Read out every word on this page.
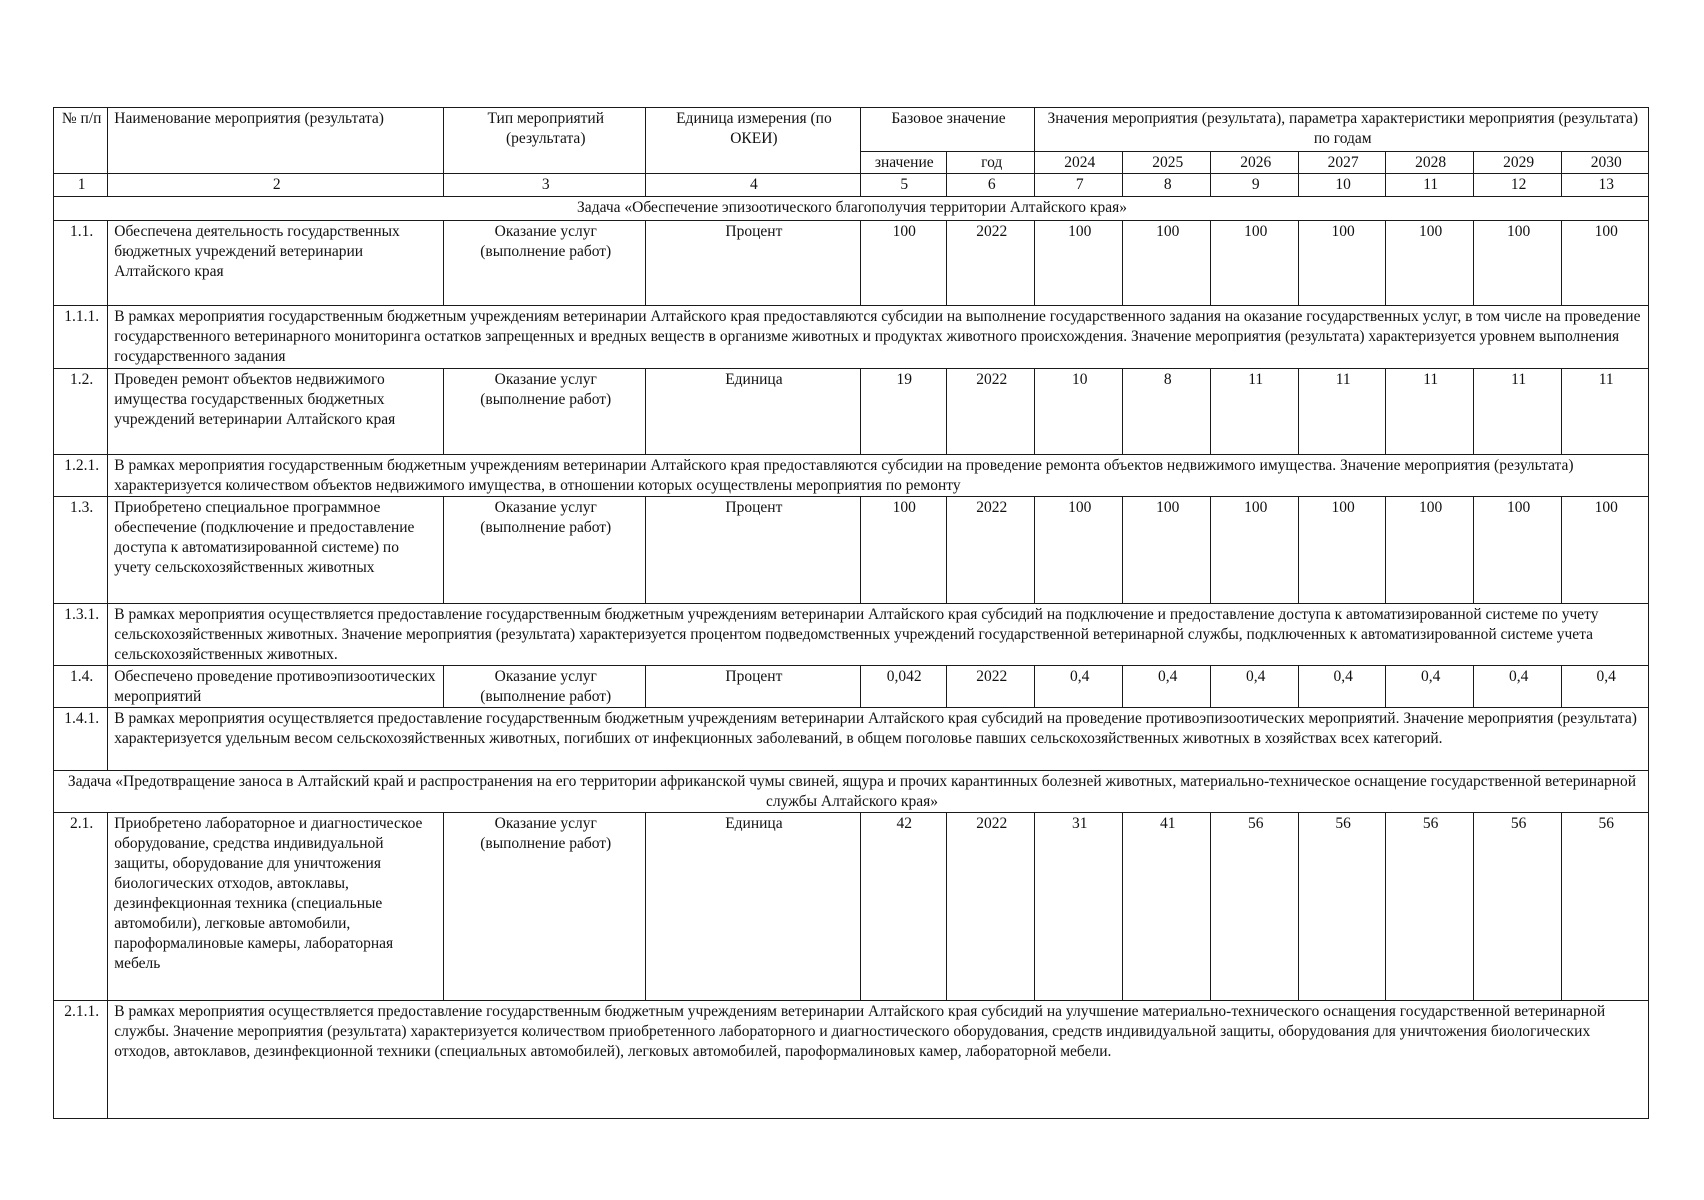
№ п/п	Наименование мероприятия (результата)	Тип мероприятий (результата)	Единица измерения (по ОКЕИ)	Базовое значение		Значения мероприятия (результата), параметра характеристики мероприятия (результата) по годам						
				значение	год	2024	2025	2026	2027	2028	2029	2030
1	2	3	4	5	6	7	8	9	10	11	12	13
Задача «Обеспечение эпизоотического благополучия территории Алтайского края»												
1.1.	Обеспечена деятельность государственных бюджетных учреждений ветеринарии Алтайского края	Оказание услуг (выполнение работ)	Процент	100	2022	100	100	100	100	100	100	100
1.1.1.	В рамках мероприятия государственным бюджетным учреждениям ветеринарии Алтайского края предоставляются субсидии на выполнение государственного задания на оказание государственных услуг, в том числе на проведение государственного ветеринарного мониторинга остатков запрещенных и вредных веществ в организме животных и продуктах животного происхождения. Значение мероприятия (результата) характеризуется уровнем выполнения государственного задания											
1.2.	Проведен ремонт объектов недвижимого имущества государственных бюджетных учреждений ветеринарии Алтайского края	Оказание услуг (выполнение работ)	Единица	19	2022	10	8	11	11	11	11	11
1.2.1.	В рамках мероприятия государственным бюджетным учреждениям ветеринарии Алтайского края предоставляются субсидии на проведение ремонта объектов недвижимого имущества. Значение мероприятия (результата) характеризуется количеством объектов недвижимого имущества, в отношении которых осуществлены мероприятия по ремонту											
1.3.	Приобретено специальное программное обеспечение (подключение и предоставление доступа к автоматизированной системе) по учету сельскохозяйственных животных	Оказание услуг (выполнение работ)	Процент	100	2022	100	100	100	100	100	100	100
1.3.1.	В рамках мероприятия осуществляется предоставление государственным бюджетным учреждениям ветеринарии Алтайского края субсидий на подключение и предоставление доступа к автоматизированной системе по учету сельскохозяйственных животных. Значение мероприятия (результата) характеризуется процентом подведомственных учреждений государственной ветеринарной службы, подключенных к автоматизированной системе учета сельскохозяйственных животных.											
1.4.	Обеспечено проведение противоэпизоотических мероприятий	Оказание услуг (выполнение работ)	Процент	0,042	2022	0,4	0,4	0,4	0,4	0,4	0,4	0,4
1.4.1.	В рамках мероприятия осуществляется предоставление государственным бюджетным учреждениям ветеринарии Алтайского края субсидий на проведение противоэпизоотических мероприятий. Значение мероприятия (результата) характеризуется удельным весом сельскохозяйственных животных, погибших от инфекционных заболеваний, в общем поголовье павших сельскохозяйственных животных в хозяйствах всех категорий.											
Задача «Предотвращение заноса в Алтайский край и распространения на его территории африканской чумы свиней, ящура и прочих карантинных болезней животных, материально-техническое оснащение государственной ветеринарной службы Алтайского края»												
2.1.	Приобретено лабораторное и диагностическое оборудование, средства индивидуальной защиты, оборудование для уничтожения биологических отходов, автоклавы, дезинфекционная техника (специальные автомобили), легковые автомобили, пароформалиновые камеры, лабораторная мебель	Оказание услуг (выполнение работ)	Единица	42	2022	31	41	56	56	56	56	56
2.1.1.	В рамках мероприятия осуществляется предоставление государственным бюджетным учреждениям ветеринарии Алтайского края субсидий на улучшение материально-технического оснащения государственной ветеринарной службы. Значение мероприятия (результата) характеризуется количеством приобретенного лабораторного и диагностического оборудования, средств индивидуальной защиты, оборудования для уничтожения биологических отходов, автоклавов, дезинфекционной техники (специальных автомобилей), легковых автомобилей, пароформалиновых камер, лабораторной мебели.											
